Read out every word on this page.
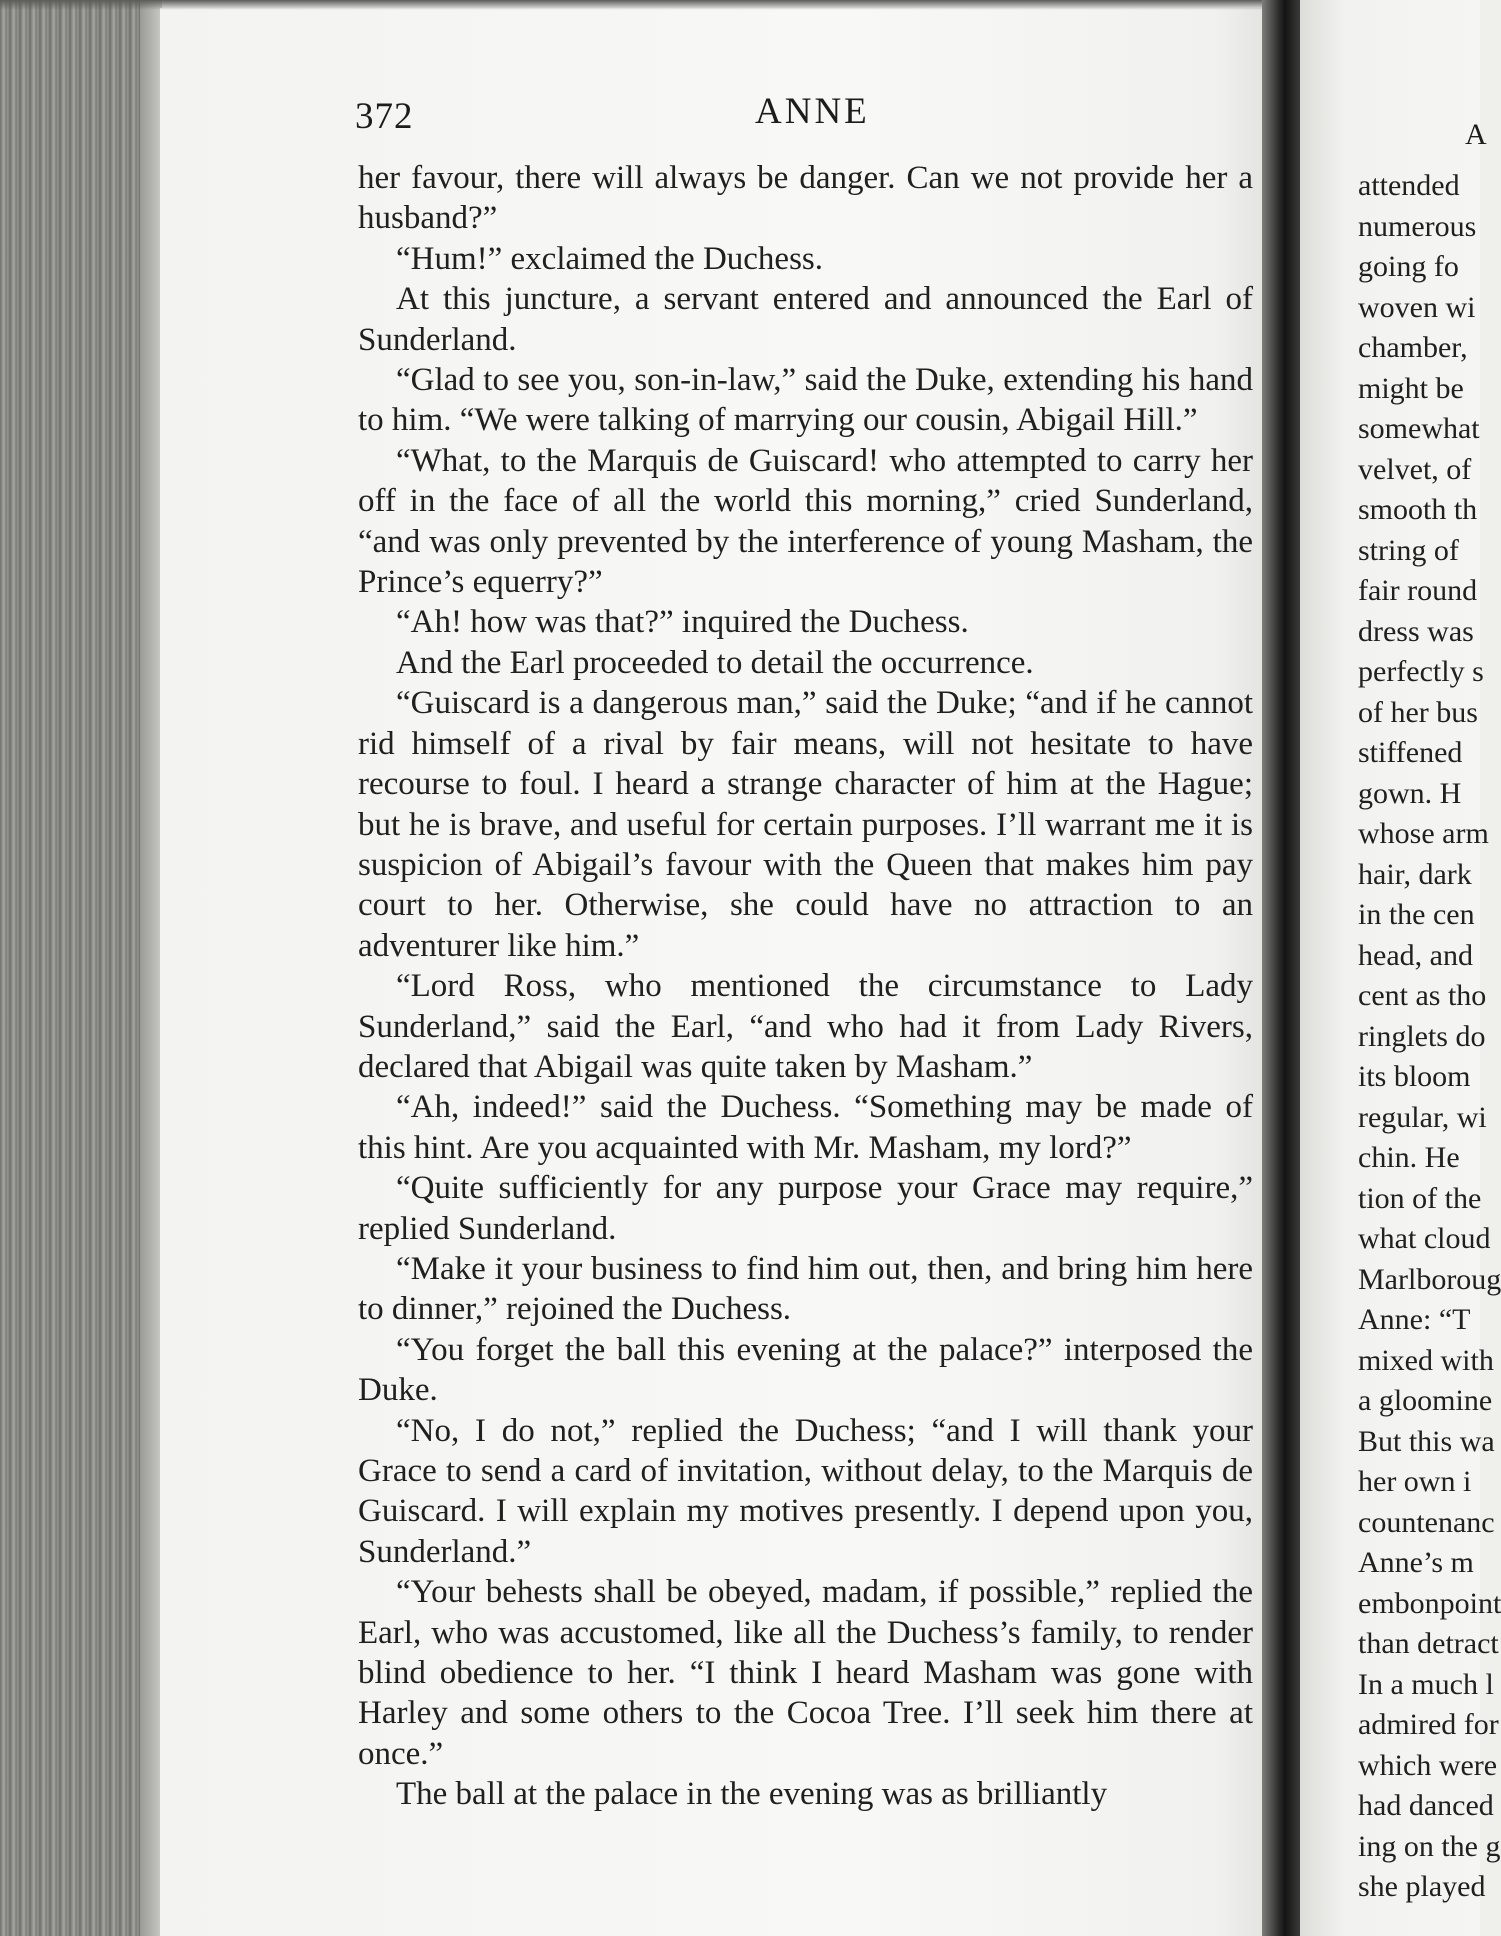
372	ANNE

her favour, there will always be danger. Can we not provide her a husband?”

“Hum!” exclaimed the Duchess.

At this juncture, a servant entered and announced the Earl of Sunderland.

“Glad to see you, son-in-law,” said the Duke, extending his hand to him. “We were talking of marrying our cousin, Abigail Hill.”

“What, to the Marquis de Guiscard! who attempted to carry her off in the face of all the world this morning,” cried Sunderland, “and was only prevented by the interference of young Masham, the Prince’s equerry?”

“Ah! how was that?” inquired the Duchess.

And the Earl proceeded to detail the occurrence.

“Guiscard is a dangerous man,” said the Duke; “and if he cannot rid himself of a rival by fair means, will not hesitate to have recourse to foul. I heard a strange character of him at the Hague; but he is brave, and useful for certain purposes. I’ll warrant me it is suspicion of Abigail’s favour with the Queen that makes him pay court to her. Otherwise, she could have no attraction to an adventurer like him.”

“Lord Ross, who mentioned the circumstance to Lady Sunderland,” said the Earl, “and who had it from Lady Rivers, declared that Abigail was quite taken by Masham.”

“Ah, indeed!” said the Duchess. “Something may be made of this hint. Are you acquainted with Mr. Masham, my lord?”

“Quite sufficiently for any purpose your Grace may require,” replied Sunderland.

“Make it your business to find him out, then, and bring him here to dinner,” rejoined the Duchess.

“You forget the ball this evening at the palace?” interposed the Duke.

“No, I do not,” replied the Duchess; “and I will thank your Grace to send a card of invitation, without delay, to the Marquis de Guiscard. I will explain my motives presently. I depend upon you, Sunderland.”

“Your behests shall be obeyed, madam, if possible,” replied the Earl, who was accustomed, like all the Duchess’s family, to render blind obedience to her. “I think I heard Masham was gone with Harley and some others to the Cocoa Tree. I’ll seek him there at once.”

The ball at the palace in the evening was as brilliantly

A
attended
numerous
going fo
woven wi
chamber,
might be
somewhat
velvet, of
smooth th
string of
fair round
dress was
perfectly s
of her bus
stiffened
gown. H
whose arm
hair, dark
in the cen
head, and
cent as tho
ringlets do
its bloom
regular, wi
chin. He
tion of the
what cloud
Marlboroug
Anne: “T
mixed with
a gloomine
But this wa
her own i
countenanc
Anne’s m
embonpoint
than detract
In a much l
admired for
which were
had danced
ing on the g
she played
